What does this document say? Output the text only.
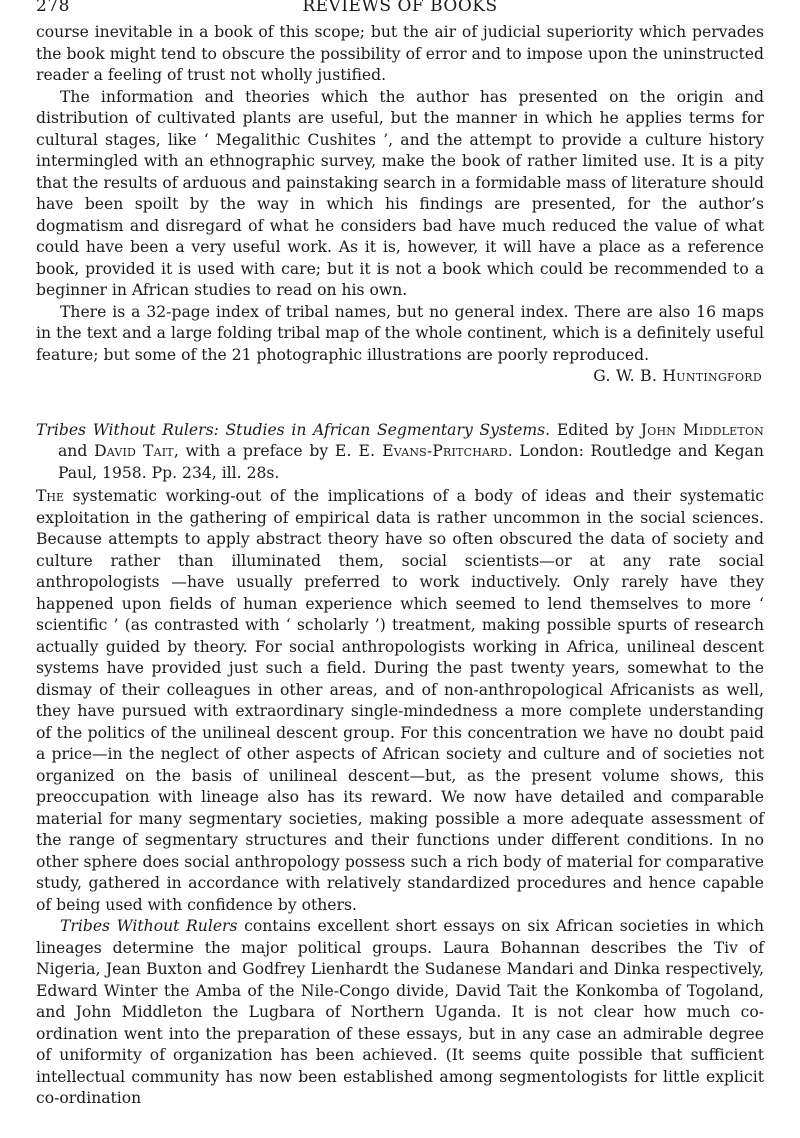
278	REVIEWS OF BOOKS

course inevitable in a book of this scope; but the air of judicial superiority which pervades the book might tend to obscure the possibility of error and to impose upon the uninstructed reader a feeling of trust not wholly justified.

The information and theories which the author has presented on the origin and distribution of cultivated plants are useful, but the manner in which he applies terms for cultural stages, like ‘ Megalithic Cushites ’, and the attempt to provide a culture history intermingled with an ethnographic survey, make the book of rather limited use. It is a pity that the results of arduous and painstaking search in a formidable mass of literature should have been spoilt by the way in which his findings are presented, for the author’s dogmatism and disregard of what he considers bad have much reduced the value of what could have been a very useful work. As it is, however, it will have a place as a reference book, provided it is used with care; but it is not a book which could be recommended to a beginner in African studies to read on his own.

There is a 32-page index of tribal names, but no general index. There are also 16 maps in the text and a large folding tribal map of the whole continent, which is a definitely useful feature; but some of the 21 photographic illustrations are poorly reproduced.

G. W. B. Huntingford

Tribes Without Rulers: Studies in African Segmentary Systems. Edited by John Middleton and David Tait, with a preface by E. E. Evans-Pritchard. London: Routledge and Kegan Paul, 1958. Pp. 234, ill. 28s.

The systematic working-out of the implications of a body of ideas and their systematic exploitation in the gathering of empirical data is rather uncommon in the social sciences. Because attempts to apply abstract theory have so often obscured the data of society and culture rather than illuminated them, social scientists—or at any rate social anthropologists —have usually preferred to work inductively. Only rarely have they happened upon fields of human experience which seemed to lend themselves to more ‘ scientific ’ (as contrasted with ‘ scholarly ’) treatment, making possible spurts of research actually guided by theory. For social anthropologists working in Africa, unilineal descent systems have provided just such a field. During the past twenty years, somewhat to the dismay of their colleagues in other areas, and of non-anthropological Africanists as well, they have pursued with extraordinary single-mindedness a more complete understanding of the politics of the unilineal descent group. For this concentration we have no doubt paid a price—in the neglect of other aspects of African society and culture and of societies not organized on the basis of unilineal descent—but, as the present volume shows, this preoccupation with lineage also has its reward. We now have detailed and comparable material for many segmentary societies, making possible a more adequate assessment of the range of segmentary structures and their functions under different conditions. In no other sphere does social anthropology possess such a rich body of material for comparative study, gathered in accordance with relatively standardized procedures and hence capable of being used with confidence by others.

Tribes Without Rulers contains excellent short essays on six African societies in which lineages determine the major political groups. Laura Bohannan describes the Tiv of Nigeria, Jean Buxton and Godfrey Lienhardt the Sudanese Mandari and Dinka respectively, Edward Winter the Amba of the Nile-Congo divide, David Tait the Konkomba of Togoland, and John Middleton the Lugbara of Northern Uganda. It is not clear how much co-ordination went into the preparation of these essays, but in any case an admirable degree of uniformity of organization has been achieved. (It seems quite possible that sufficient intellectual community has now been established among segmentologists for little explicit co-ordination
